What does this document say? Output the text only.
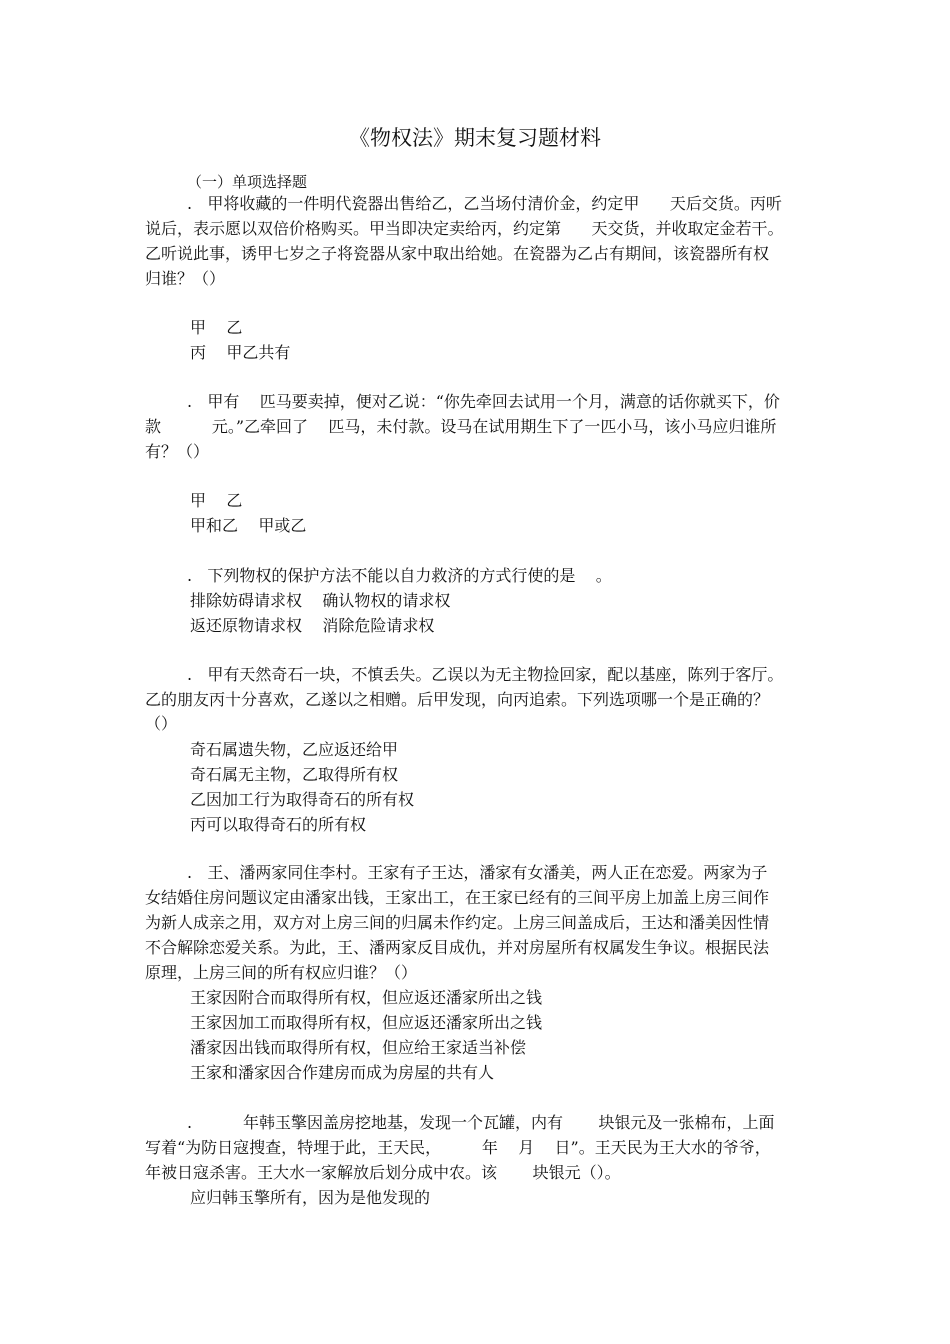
《物权法》期末复习题材料
（一）单项选择题
.   甲将收藏的一件明代瓷器出售给乙，乙当场付清价金，约定甲      天后交货。丙听
说后，表示愿以双倍价格购买。甲当即决定卖给丙，约定第      天交货，并收取定金若干。
乙听说此事，诱甲七岁之子将瓷器从家中取出给她。在瓷器为乙占有期间，该瓷器所有权
归谁？（）
甲    乙
丙    甲乙共有
.   甲有    匹马要卖掉，便对乙说：“你先牵回去试用一个月，满意的话你就买下，价
款          元。”乙牵回了    匹马，未付款。设马在试用期生下了一匹小马，该小马应归谁所
有？（）
甲    乙
甲和乙    甲或乙
.   下列物权的保护方法不能以自力救济的方式行使的是    。
排除妨碍请求权    确认物权的请求权
返还原物请求权    消除危险请求权
.   甲有天然奇石一块，不慎丢失。乙误以为无主物捡回家，配以基座，陈列于客厅。
乙的朋友丙十分喜欢，乙遂以之相赠。后甲发现，向丙追索。下列选项哪一个是正确的？
（）
奇石属遗失物，乙应返还给甲
奇石属无主物，乙取得所有权
乙因加工行为取得奇石的所有权
丙可以取得奇石的所有权
.   王、潘两家同住李村。王家有子王达，潘家有女潘美，两人正在恋爱。两家为子
女结婚住房问题议定由潘家出钱，王家出工，在王家已经有的三间平房上加盖上房三间作
为新人成亲之用，双方对上房三间的归属未作约定。上房三间盖成后，王达和潘美因性情
不合解除恋爱关系。为此，王、潘两家反目成仇，并对房屋所有权属发生争议。根据民法
原理，上房三间的所有权应归谁？（）
王家因附合而取得所有权，但应返还潘家所出之钱
王家因加工而取得所有权，但应返还潘家所出之钱
潘家因出钱而取得所有权，但应给王家适当补偿
王家和潘家因合作建房而成为房屋的共有人
.          年韩玉擎因盖房挖地基，发现一个瓦罐，内有       块银元及一张棉布，上面
写着“为防日寇搜查，特埋于此，王天民，        年    月    日”。王天民为王大水的爷爷，
年被日寇杀害。王大水一家解放后划分成中农。该       块银元（）。
应归韩玉擎所有，因为是他发现的
